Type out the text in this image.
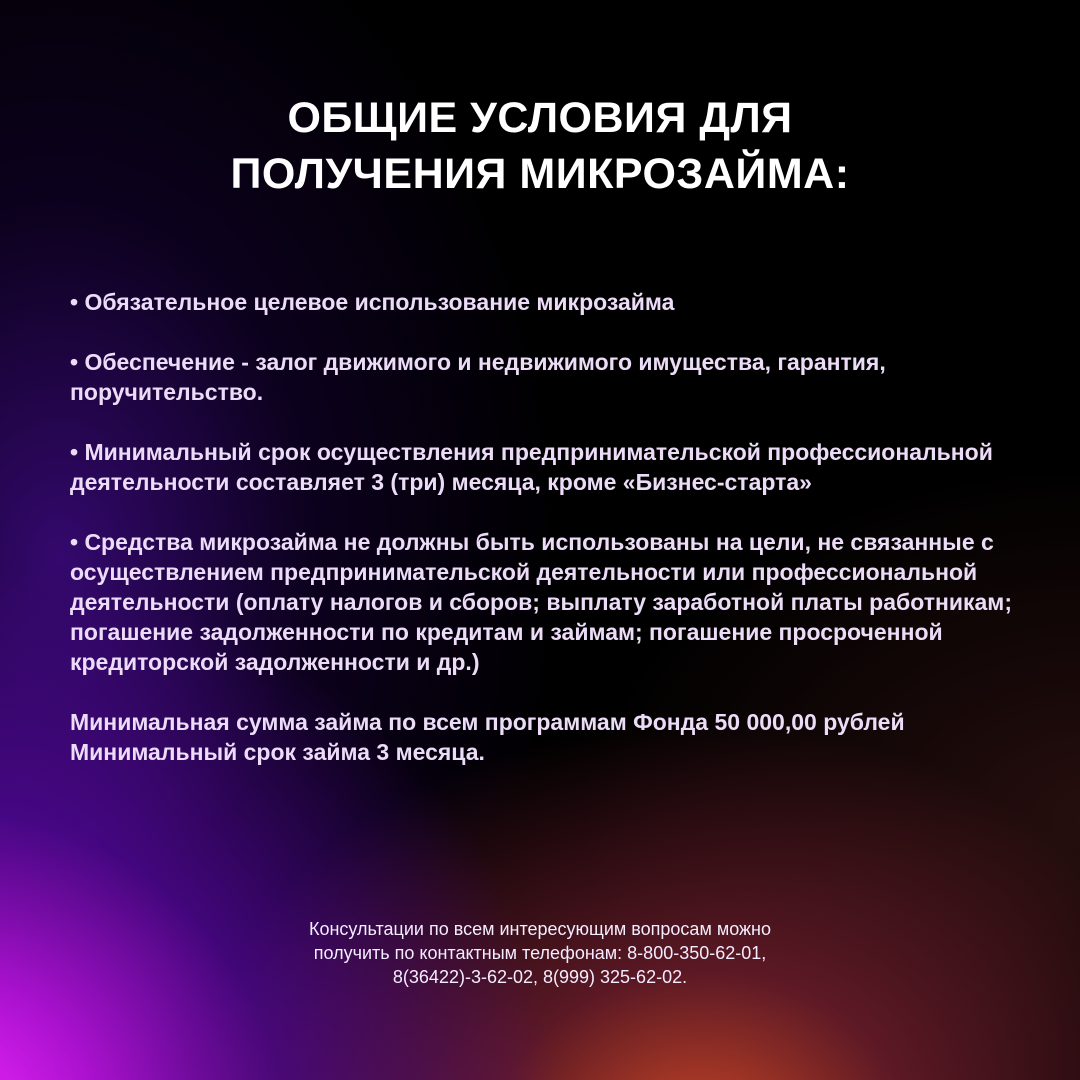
ОБЩИЕ УСЛОВИЯ ДЛЯ
ПОЛУЧЕНИЯ МИКРОЗАЙМА:

• Обязательное целевое использование микрозайма

• Обеспечение - залог движимого и недвижимого имущества, гарантия, поручительство.

• Минимальный срок осуществления предпринимательской профессиональной деятельности составляет 3 (три) месяца, кроме «Бизнес-старта»

• Средства микрозайма не должны быть использованы на цели, не связанные с осуществлением предпринимательской деятельности или профессиональной деятельности (оплату налогов и сборов; выплату заработной платы работникам; погашение задолженности по кредитам и займам; погашение просроченной кредиторской задолженности и др.)

Минимальная сумма займа по всем программам Фонда 50 000,00 рублей

Минимальный срок займа 3 месяца.

Консультации по всем интересующим вопросам можно
получить по контактным телефонам: 8-800-350-62-01,
8(36422)-3-62-02, 8(999) 325-62-02.
